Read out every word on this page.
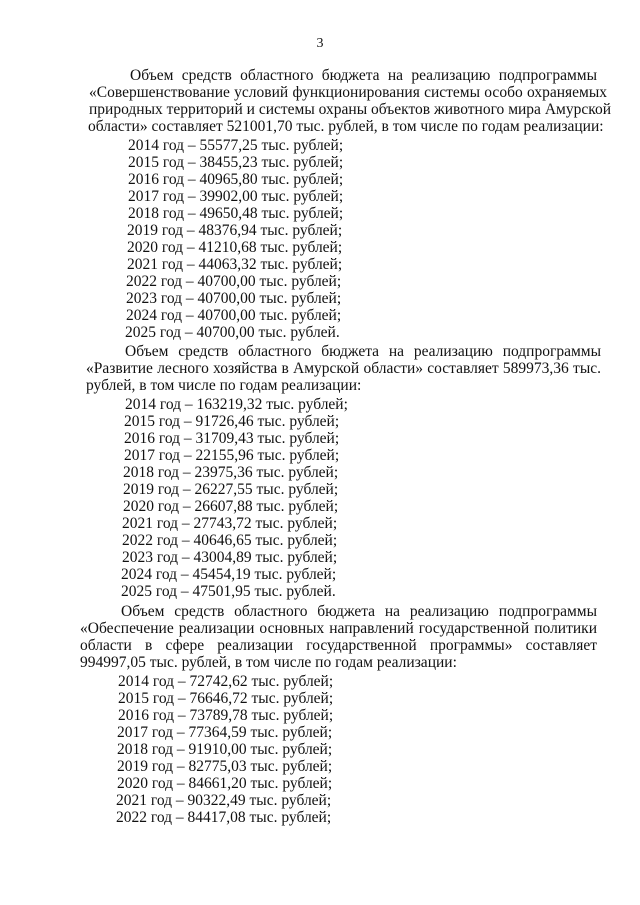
3
Объем средств областного бюджета на реализацию подпрограммы
«Совершенствование условий функционирования системы особо охраняемых
природных территорий и системы охраны объектов животного мира Амурской
области» составляет 521001,70 тыс. рублей, в том числе по годам реализации:
2014 год – 55577,25 тыс. рублей;
2015 год – 38455,23 тыс. рублей;
2016 год – 40965,80 тыс. рублей;
2017 год – 39902,00 тыс. рублей;
2018 год – 49650,48 тыс. рублей;
2019 год – 48376,94 тыс. рублей;
2020 год – 41210,68 тыс. рублей;
2021 год – 44063,32 тыс. рублей;
2022 год – 40700,00 тыс. рублей;
2023 год – 40700,00 тыс. рублей;
2024 год – 40700,00 тыс. рублей;
2025 год – 40700,00 тыс. рублей.
Объем средств областного бюджета на реализацию подпрограммы
«Развитие лесного хозяйства в Амурской области» составляет 589973,36 тыс.
рублей, в том числе по годам реализации:
2014 год – 163219,32 тыс. рублей;
2015 год – 91726,46 тыс. рублей;
2016 год – 31709,43 тыс. рублей;
2017 год – 22155,96 тыс. рублей;
2018 год – 23975,36 тыс. рублей;
2019 год – 26227,55 тыс. рублей;
2020 год – 26607,88 тыс. рублей;
2021 год – 27743,72 тыс. рублей;
2022 год – 40646,65 тыс. рублей;
2023 год – 43004,89 тыс. рублей;
2024 год – 45454,19 тыс. рублей;
2025 год – 47501,95 тыс. рублей.
Объем средств областного бюджета на реализацию подпрограммы
«Обеспечение реализации основных направлений государственной политики
области в сфере реализации государственной программы» составляет
994997,05 тыс. рублей, в том числе по годам реализации:
2014 год – 72742,62 тыс. рублей;
2015 год – 76646,72 тыс. рублей;
2016 год – 73789,78 тыс. рублей;
2017 год – 77364,59 тыс. рублей;
2018 год – 91910,00 тыс. рублей;
2019 год – 82775,03 тыс. рублей;
2020 год – 84661,20 тыс. рублей;
2021 год – 90322,49 тыс. рублей;
2022 год – 84417,08 тыс. рублей;
